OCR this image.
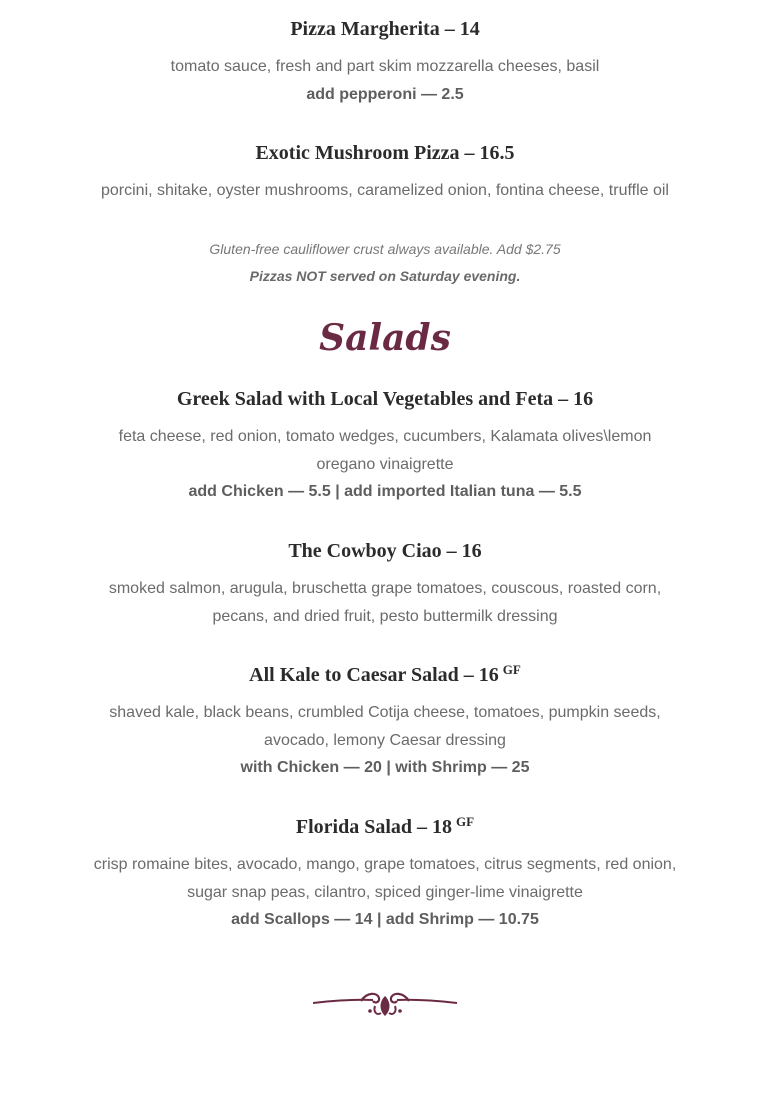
Pizza Margherita – 14

tomato sauce, fresh and part skim mozzarella cheeses, basil

add pepperoni — 2.5

Exotic Mushroom Pizza – 16.5

porcini, shitake, oyster mushrooms, caramelized onion, fontina cheese, truffle oil

Gluten-free cauliflower crust always available. Add $2.75

Pizzas NOT served on Saturday evening.

Salads
Greek Salad with Local Vegetables and Feta – 16

feta cheese, red onion, tomato wedges, cucumbers, Kalamata olives\lemon oregano vinaigrette

add Chicken — 5.5 | add imported Italian tuna — 5.5

The Cowboy Ciao – 16

smoked salmon, arugula, bruschetta grape tomatoes, couscous, roasted corn, pecans, and dried fruit, pesto buttermilk dressing

All Kale to Caesar Salad – 16 $^{GF}$

shaved kale, black beans, crumbled Cotija cheese, tomatoes, pumpkin seeds, avocado, lemony Caesar dressing

with Chicken — 20 | with Shrimp — 25

Florida Salad – 18 $^{GF}$

crisp romaine bites, avocado, mango, grape tomatoes, citrus segments, red onion, sugar snap peas, cilantro, spiced ginger-lime vinaigrette

add Scallops — 14 | add Shrimp — 10.75
